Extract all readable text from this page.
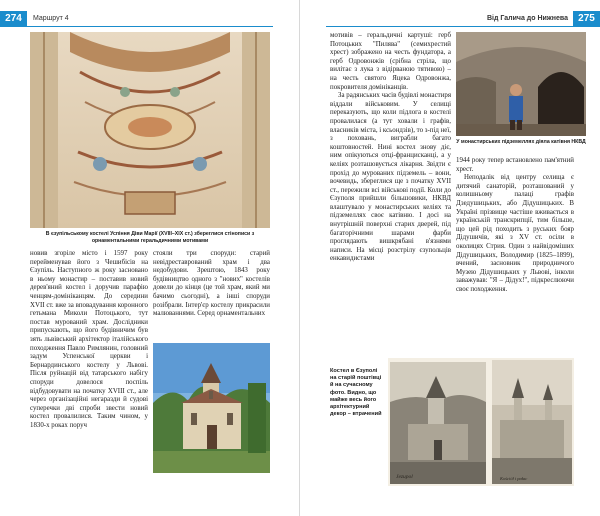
274	Маршрут 4
В єзупільському костелі Успіння Діви Марії (XVIII–XIX ст.) збереглися стінописи з орнаментальними геральдичними мотивами

новив згоріле місто і 1597 року перейменував його з Чешибісів на Єзупіль. Наступного ж року засновано в ньому монастир – поставив новий дерев'яний костел і доручив парафію ченцям-домініканцям. До середини XVII ст. вже за вповадування коронного гетьмана Миколи Потоцького, тут постав мурований храм. Дослідники припускають, що його будівничим був зять львівський архітектор італійського походження Павло Римлянин, головний задум Успенської церкви і Бернардинського костелу у Львові. Після руйнацій від татарського набігу споруди довелося поспіль відбудовувати на початку XVIII ст., але через організаційні негаразди й судові суперечки дві спроби звести новий костел провалилися. Таким чином, у 1830-х роках поруч

стояли три споруди: старий невідреставрований храм і два недобудови. Зрештою, 1843 року будівництво одного з "нових" костелів довели до кінця (це той храм, який ми бачимо сьогодні), а інші споруди розібрали. Інтер'єр костелу прикрасили малюваннями. Серед орнаментальних

Від Галича до Нижнева	275

мотивів – геральдичні картуші: герб Потоцьких "Пилява" (семихрестий хрест) зображено на честь фундатора, а герб Одровонжів (срібна стріла, що вилітає з лука з відірваною тятивою) – на честь святого Яцека Одровонжа, покровителя домініканців.

За радянських часів будівлі монастиря віддали військовим. У селищі переказують, що коли підлога в костелі провалилася (а тут ховали і графів, власників міста, і ксьондзів), то з-під неї, з поховань, виграбли багато коштовностей. Нині костел знову діє, ним опікуються отці-францисканці, а у келіях розташовується лікарня. Звідти є прохід до мурованих підземель – вони, вочевидь, збереглися ще з початку XVII ст., пережили всі військові події. Коли до Єзуполя прийшли більшовики, НКВД влаштувало у монастирських келіях та підземеллях своє катівню. І досі на внутрішній поверхні старих дверей, під багаторічними шарами фарби проглядають вишкрябані в'язнями написи. На місці розстрілу єзупольців енкавидистами

У монастирських підземеллях діяла катівня НКВД

1944 року тепер встановлено пам'ятний хрест.

Неподалік від центру селища є дитячий санаторій, розташований у колишньому палаці графів Дзедушицьких, або Дідушицьких. В Україні прізвище частіше вживається в українській транскрипції, тим більше, що цей рід походить з руських бояр Дідушичів, які з XV ст. осіли в околицях Стрия. Один з найвідоміших Дідушицьких, Володимир (1825–1899), вчений, засновник природничого Музею Дідушицьких у Львові, інколи заважував: "Я – Дідух!", підкреслюючи своє походження.

Костел в Єзуполі на старій поштівці й на сучасному фото. Видно, що майже весь його архітектурний декор – втрачений
Jezupol	Kościół i pałac
